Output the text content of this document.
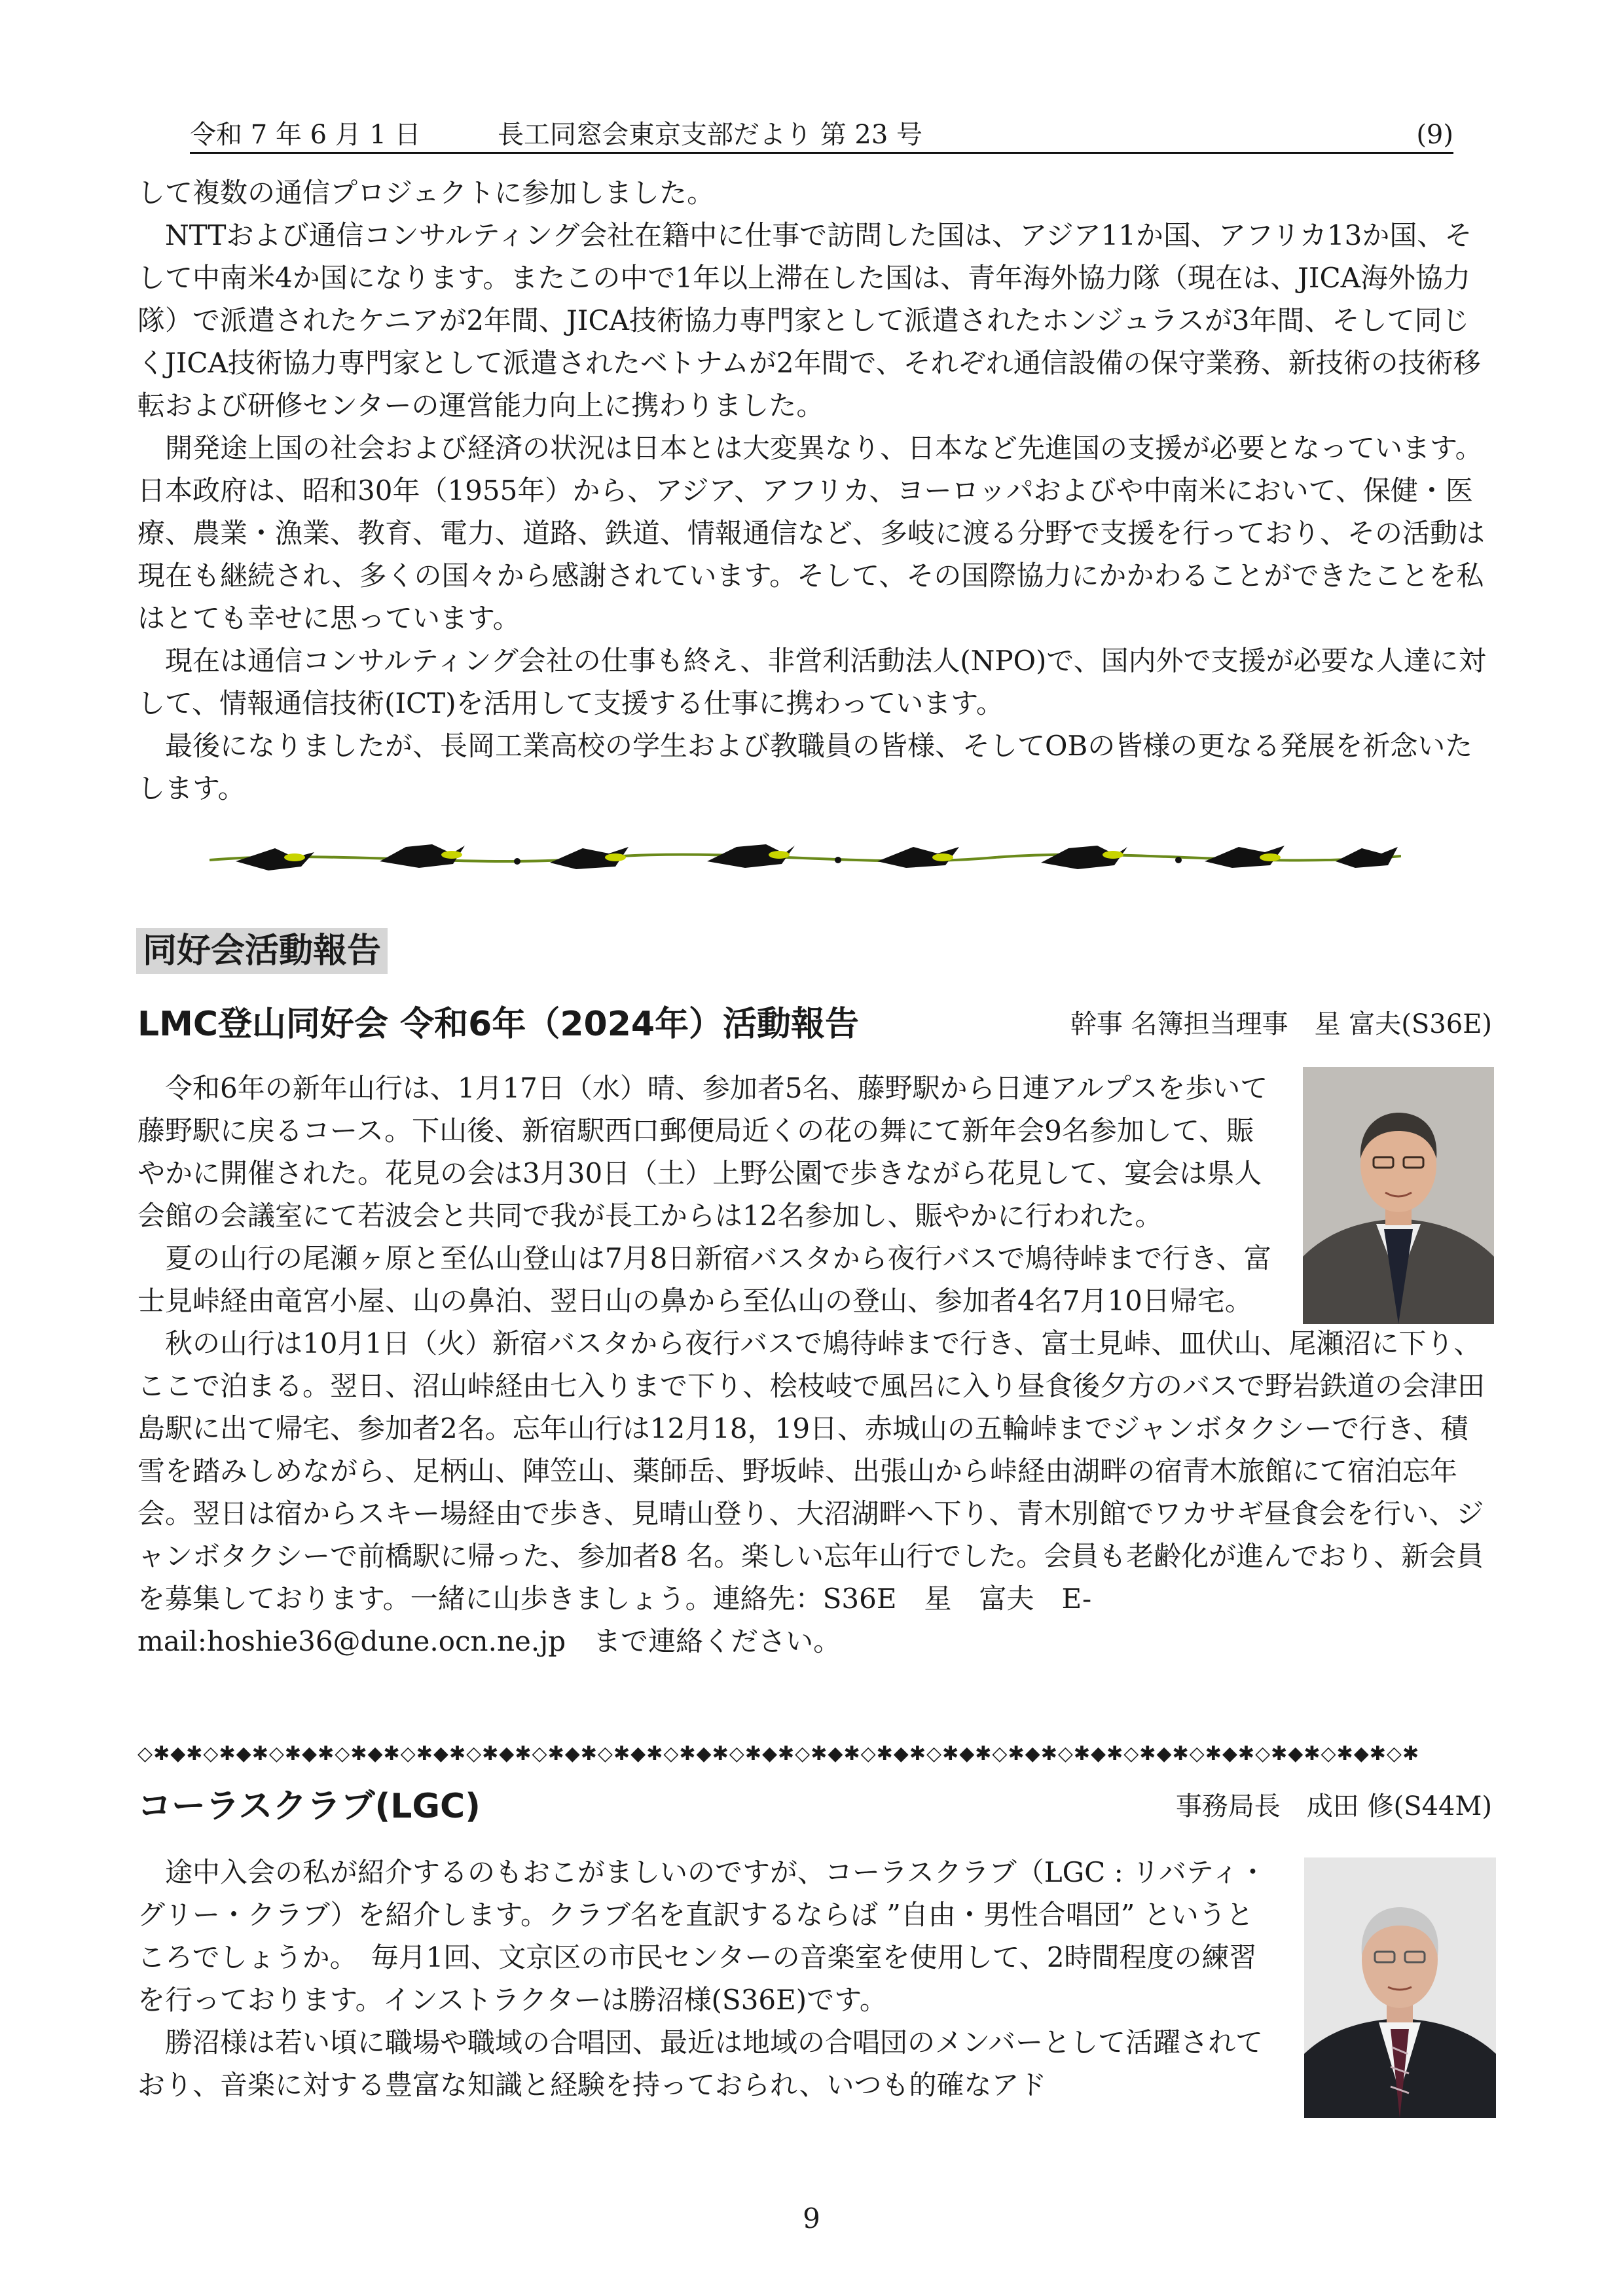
令和 7 年 6 月 1 日	長工同窓会東京支部だより 第 23 号	(9)

して複数の通信プロジェクトに参加しました。

NTTおよび通信コンサルティング会社在籍中に仕事で訪問した国は、アジア11か国、アフリカ13か国、そして中南米4か国になります。またこの中で1年以上滞在した国は、青年海外協力隊（現在は、JICA海外協力隊）で派遣されたケニアが2年間、JICA技術協力専門家として派遣されたホンジュラスが3年間、そして同じくJICA技術協力専門家として派遣されたベトナムが2年間で、それぞれ通信設備の保守業務、新技術の技術移転および研修センターの運営能力向上に携わりました。

開発途上国の社会および経済の状況は日本とは大変異なり、日本など先進国の支援が必要となっています。日本政府は、昭和30年（1955年）から、アジア、アフリカ、ヨーロッパおよびや中南米において、保健・医療、農業・漁業、教育、電力、道路、鉄道、情報通信など、多岐に渡る分野で支援を行っており、その活動は現在も継続され、多くの国々から感謝されています。そして、その国際協力にかかわることができたことを私はとても幸せに思っています。

現在は通信コンサルティング会社の仕事も終え、非営利活動法人(NPO)で、国内外で支援が必要な人達に対して、情報通信技術(ICT)を活用して支援する仕事に携わっています。

最後になりましたが、長岡工業高校の学生および教職員の皆様、そしてOBの皆様の更なる発展を祈念いたします。

同好会活動報告
LMC登山同好会 令和6年（2024年）活動報告	幹事 名簿担当理事　星 富夫(S36E)

令和6年の新年山行は、1月17日（水）晴、参加者5名、藤野駅から日連アルプスを歩いて藤野駅に戻るコース。下山後、新宿駅西口郵便局近くの花の舞にて新年会9名参加して、賑やかに開催された。花見の会は3月30日（土）上野公園で歩きながら花見して、宴会は県人会館の会議室にて若波会と共同で我が長工からは12名参加し、賑やかに行われた。

夏の山行の尾瀬ヶ原と至仏山登山は7月8日新宿バスタから夜行バスで鳩待峠まで行き、富士見峠経由竜宮小屋、山の鼻泊、翌日山の鼻から至仏山の登山、参加者4名7月10日帰宅。

秋の山行は10月1日（火）新宿バスタから夜行バスで鳩待峠まで行き、富士見峠、皿伏山、尾瀬沼に下り、ここで泊まる。翌日、沼山峠経由七入りまで下り、桧枝岐で風呂に入り昼食後夕方のバスで野岩鉄道の会津田島駅に出て帰宅、参加者2名。忘年山行は12月18，19日、赤城山の五輪峠までジャンボタクシーで行き、積雪を踏みしめながら、足柄山、陣笠山、薬師岳、野坂峠、出張山から峠経由湖畔の宿青木旅館にて宿泊忘年会。翌日は宿からスキー場経由で歩き、見晴山登り、大沼湖畔へ下り、青木別館でワカサギ昼食会を行い、ジャンボタクシーで前橋駅に帰った、参加者8 名。楽しい忘年山行でした。会員も老齢化が進んでおり、新会員を募集しております。一緒に山歩きましょう。連絡先：S36E　星　富夫　E-mail:hoshie36@dune.ocn.ne.jp　まで連絡ください。

◇✱◆✱◇✱◆✱◇✱◆✱◇✱◆✱◇✱◆✱◇✱◆✱◇✱◆✱◇✱◆✱◇✱◆✱◇✱◆✱◇✱◆✱◇✱◆✱◇✱◆✱◇✱◆✱◇✱◆✱◇✱◆✱◇✱◆✱◇✱◆✱◇✱◆✱◇✱
コーラスクラブ(LGC)	事務局長　成田 修(S44M)

途中入会の私が紹介するのもおこがましいのですが、コーラスクラブ（LGC : リバティ・グリー・クラブ）を紹介します。クラブ名を直訳するならば ”自由・男性合唱団” というところでしょうか。　毎月1回、文京区の市民センターの音楽室を使用して、2時間程度の練習を行っております。インストラクターは勝沼様(S36E)です。

勝沼様は若い頃に職場や職域の合唱団、最近は地域の合唱団のメンバーとして活躍されており、音楽に対する豊富な知識と経験を持っておられ、いつも的確なアド

9
